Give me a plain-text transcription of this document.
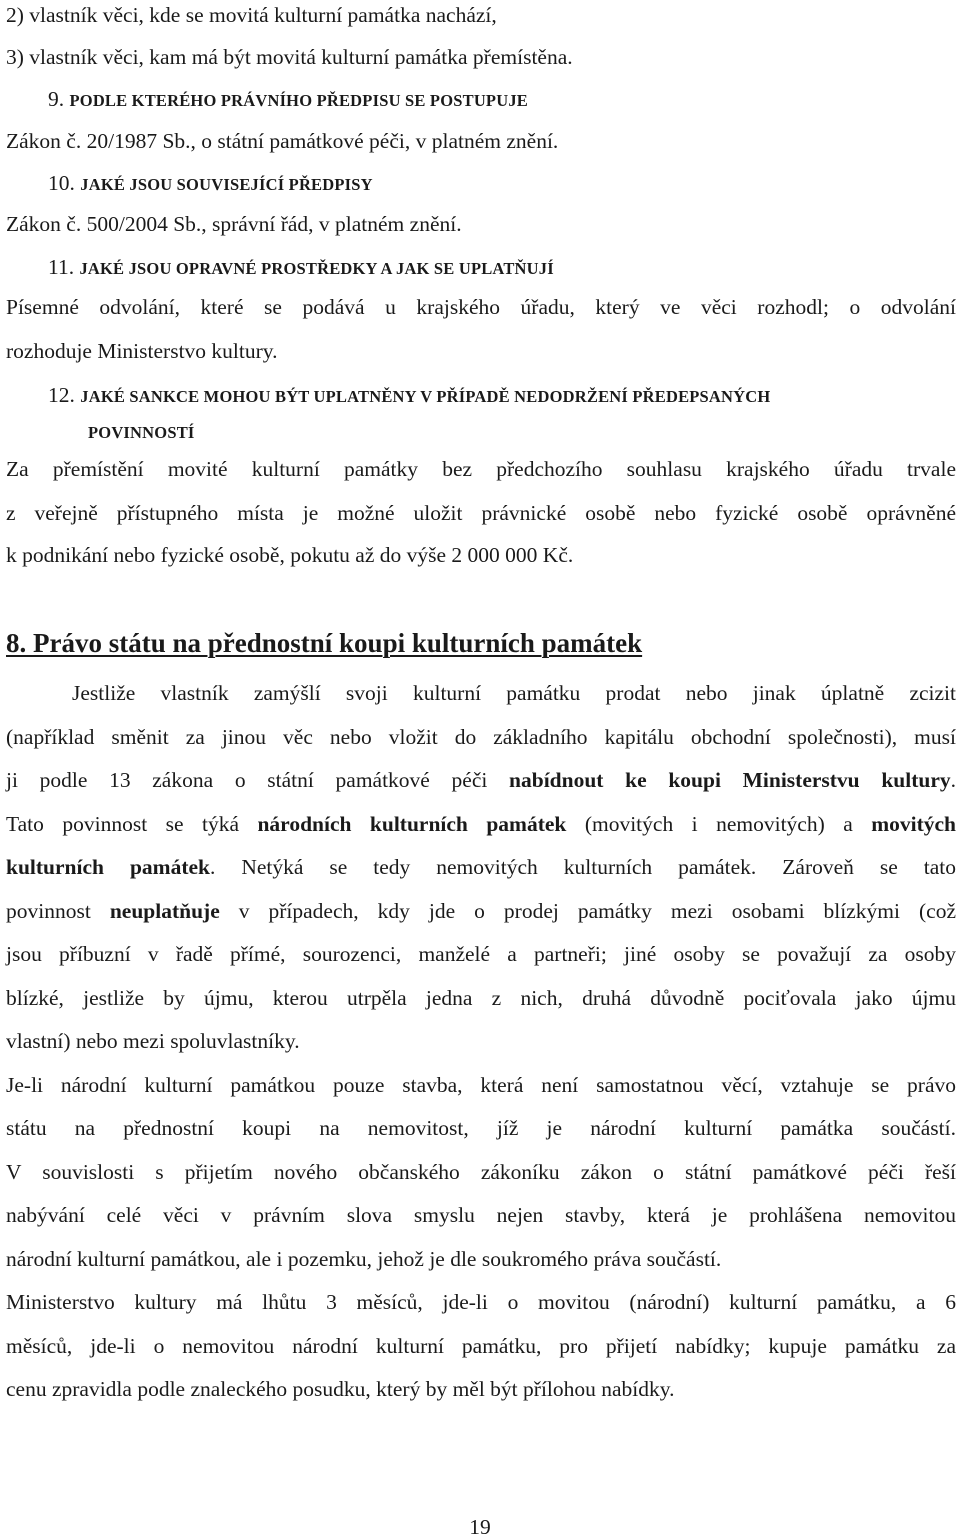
2) vlastník věci, kde se movitá kulturní památka nachází,
3) vlastník věci, kam má být movitá kulturní památka přemístěna.
9. PODLE KTERÉHO PRÁVNÍHO PŘEDPISU SE POSTUPUJE
Zákon č. 20/1987 Sb., o státní památkové péči, v platném znění.
10. JAKÉ JSOU SOUVISEJÍCÍ PŘEDPISY
Zákon č. 500/2004 Sb., správní řád, v platném znění.
11. JAKÉ JSOU OPRAVNÉ PROSTŘEDKY A JAK SE UPLATŇUJÍ
Písemné odvolání, které se podává u krajského úřadu, který ve věci rozhodl; o odvolání
rozhoduje Ministerstvo kultury.
12. JAKÉ SANKCE MOHOU BÝT UPLATNĚNY V PŘÍPADĚ NEDODRŽENÍ PŘEDEPSANÝCH
POVINNOSTÍ
Za přemístění movité kulturní památky bez předchozího souhlasu krajského úřadu trvale
z veřejně přístupného místa je možné uložit právnické osobě nebo fyzické osobě oprávněné
k podnikání nebo fyzické osobě, pokutu až do výše 2 000 000 Kč.
8. Právo státu na přednostní koupi kulturních památek
Jestliže vlastník zamýšlí svoji kulturní památku prodat nebo jinak úplatně zcizit
(například směnit za jinou věc nebo vložit do základního kapitálu obchodní společnosti), musí
ji podle 13 zákona o státní památkové péči nabídnout ke koupi Ministerstvu kultury.
Tato povinnost se týká národních kulturních památek (movitých i nemovitých) a movitých
kulturních památek. Netýká se tedy nemovitých kulturních památek. Zároveň se tato
povinnost neuplatňuje v případech, kdy jde o prodej památky mezi osobami blízkými (což
jsou příbuzní v řadě přímé, sourozenci, manželé a partneři; jiné osoby se považují za osoby
blízké, jestliže by újmu, kterou utrpěla jedna z nich, druhá důvodně pociťovala jako újmu
vlastní) nebo mezi spoluvlastníky.
Je-li národní kulturní památkou pouze stavba, která není samostatnou věcí, vztahuje se právo
státu na přednostní koupi na nemovitost, jíž je národní kulturní památka součástí.
V souvislosti s přijetím nového občanského zákoníku zákon o státní památkové péči řeší
nabývání celé věci v právním slova smyslu nejen stavby, která je prohlášena nemovitou
národní kulturní památkou, ale i pozemku, jehož je dle soukromého práva součástí.
Ministerstvo kultury má lhůtu 3 měsíců, jde-li o movitou (národní) kulturní památku, a 6
měsíců, jde-li o nemovitou národní kulturní památku, pro přijetí nabídky; kupuje památku za
cenu zpravidla podle znaleckého posudku, který by měl být přílohou nabídky.
19
